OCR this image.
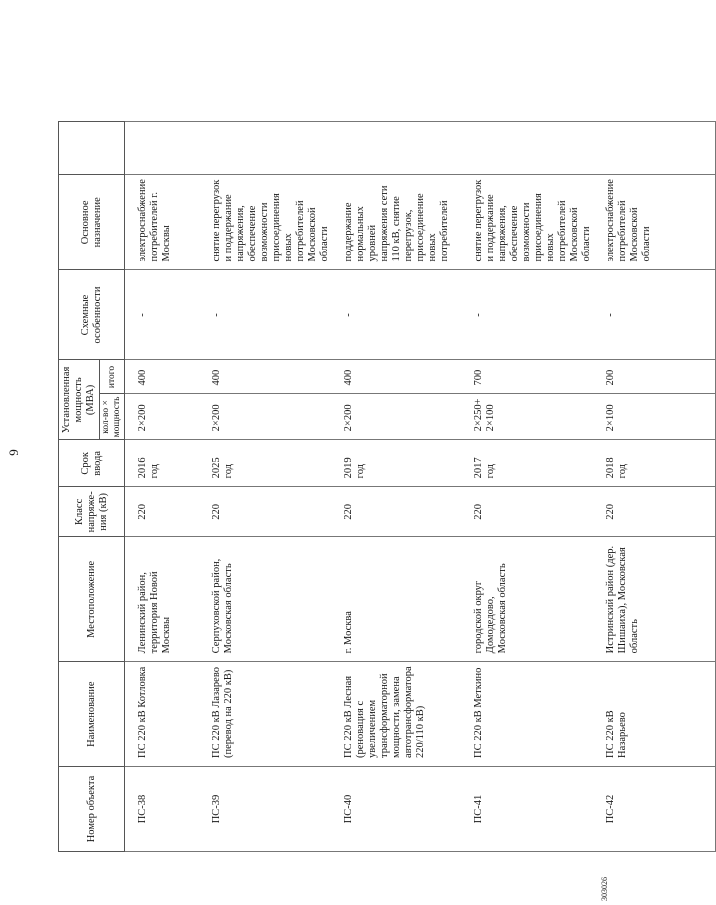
9
303026
Номер объекта	Наименование	Местоположение	Класс напряже-ния (кВ)	Срок ввода	Установленная мощность (МВА)		Схемные особенности	Основное назначение	
					кол-во × мощность	итого			
ПС-38	ПС 220 кВ Котловка	Ленинский район, территория Новой Москвы	220	2016 год	2×200	400	-	электроснабжение потребителей г. Москвы	
ПС-39	ПС 220 кВ Лазарево (перевод на 220 кВ)	Серпуховской район, Московская область	220	2025 год	2×200	400	-	снятие перегрузок и поддержание напряжения, обеспечение возможности присоединения новых потребителей Московской области	
ПС-40	ПС 220 кВ Лесная (реновация с увеличением трансформаторной мощности, замена автотрансформатора 220/110 кВ)	г. Москва	220	2019 год	2×200	400	-	поддержание нормальных уровней напряжения сети 110 кВ, снятие перегрузок, присоединение новых потребителей	
ПС-41	ПС 220 кВ Меткино	городской округ Домодедово, Московская область	220	2017 год	2×250+ 2×100	700	-	снятие перегрузок и поддержание напряжения, обеспечение возможности присоединения новых потребителей Московской области	
ПС-42	ПС 220 кВ Назарьево	Истринский район (дер. Шишаиха), Московская область	220	2018 год	2×100	200	-	электроснабжение потребителей Московской области	
